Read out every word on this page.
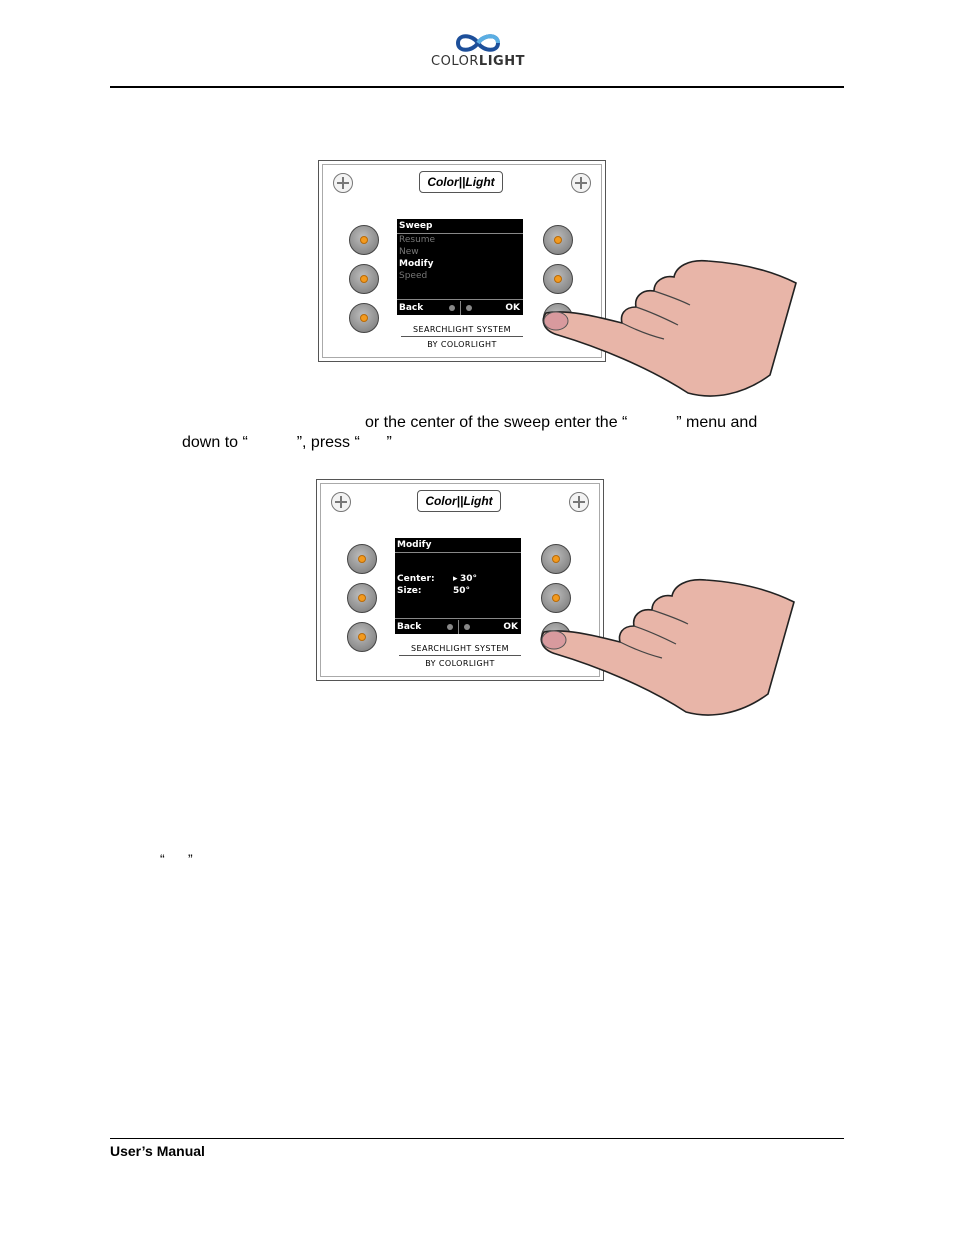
COLORLIGHT
Color||Light
Sweep
Resume
New
Modify
Speed
Back	OK
SEARCHLIGHT SYSTEM
BY COLORLIGHT
or the center of the sweep enter the “           ” menu and
down to “           ”, press “      ”
Color||Light
Modify
Center: ▸ 30°
Size:	50°
Back	OK
SEARCHLIGHT SYSTEM
BY COLORLIGHT
“      ”
User’s Manual
